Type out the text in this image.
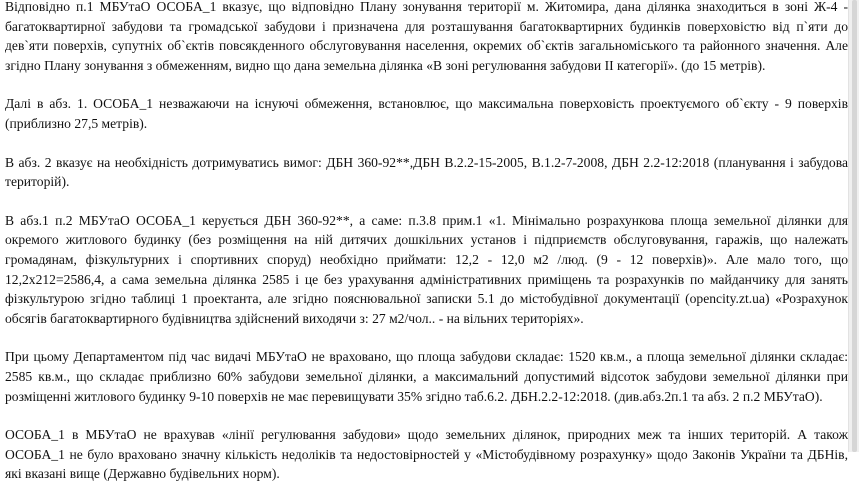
Відповідно п.1 МБУтаО ОСОБА_1 вказує, що відповідно Плану зонування території м. Житомира, дана ділянка знаходиться в зоні Ж-4 - багатоквартирної забудови та громадської забудови і призначена для розташування багатоквартирних будинків поверховістю від п`яти до дев`яти поверхів, супутніх об`єктів повсякденного обслуговування населення, окремих об`єктів загальноміського та районного значення. Але згідно Плану зонування з обмеженням, видно що дана земельна ділянка «В зоні регулювання забудови II категорії». (до 15 метрів).

Далі в абз. 1. ОСОБА_1 незважаючи на існуючі обмеження, встановлює, що максимальна поверховість проектуємого об`єкту - 9 поверхів (приблизно 27,5 метрів).

В абз. 2 вказує на необхідність дотримуватись вимог: ДБН 360-92**,ДБН В.2.2-15-2005, В.1.2-7-2008, ДБН 2.2-12:2018 (планування і забудова територій).

В абз.1 п.2 МБУтаО ОСОБА_1 керується ДБН 360-92**, а саме: п.3.8 прим.1 «1. Мінімально розрахункова площа земельної ділянки для окремого житлового будинку (без розміщення на ній дитячих дошкільних установ і підприємств обслуговування, гаражів, що належать громадянам, фізкультурних і спортивних споруд) необхідно приймати: 12,2 - 12,0 м2 /люд. (9 - 12 поверхів)». Але мало того, що 12,2х212=2586,4, а сама земельна ділянка 2585 і це без урахування адміністративних приміщень та розрахунків по майданчику для занять фізкультурою згідно таблиці 1 проектанта, але згідно пояснювальної записки 5.1 до містобудівної документації (opencity.zt.ua) «Розрахунок обсягів багатоквартирного будівництва здійснений виходячи з: 27 м2/чол.. - на вільних територіях».

При цьому Департаментом під час видачі МБУтаО не враховано, що площа забудови складає: 1520 кв.м., а площа земельної ділянки складає: 2585 кв.м., що складає приблизно 60% забудови земельної ділянки, а максимальний допустимий відсоток забудови земельної ділянки при розміщенні житлового будинку 9-10 поверхів не має перевищувати 35% згідно таб.6.2. ДБН.2.2-12:2018. (див.абз.2п.1 та абз. 2 п.2 МБУтаО).

ОСОБА_1 в МБУтаО не врахував «лінії регулювання забудови» щодо земельних ділянок, природних меж та інших територій. А також ОСОБА_1 не було враховано значну кількість недоліків та недостовірностей у «Містобудівному розрахунку» щодо Законів України та ДБНів, які вказані вище (Державно будівельних норм).
